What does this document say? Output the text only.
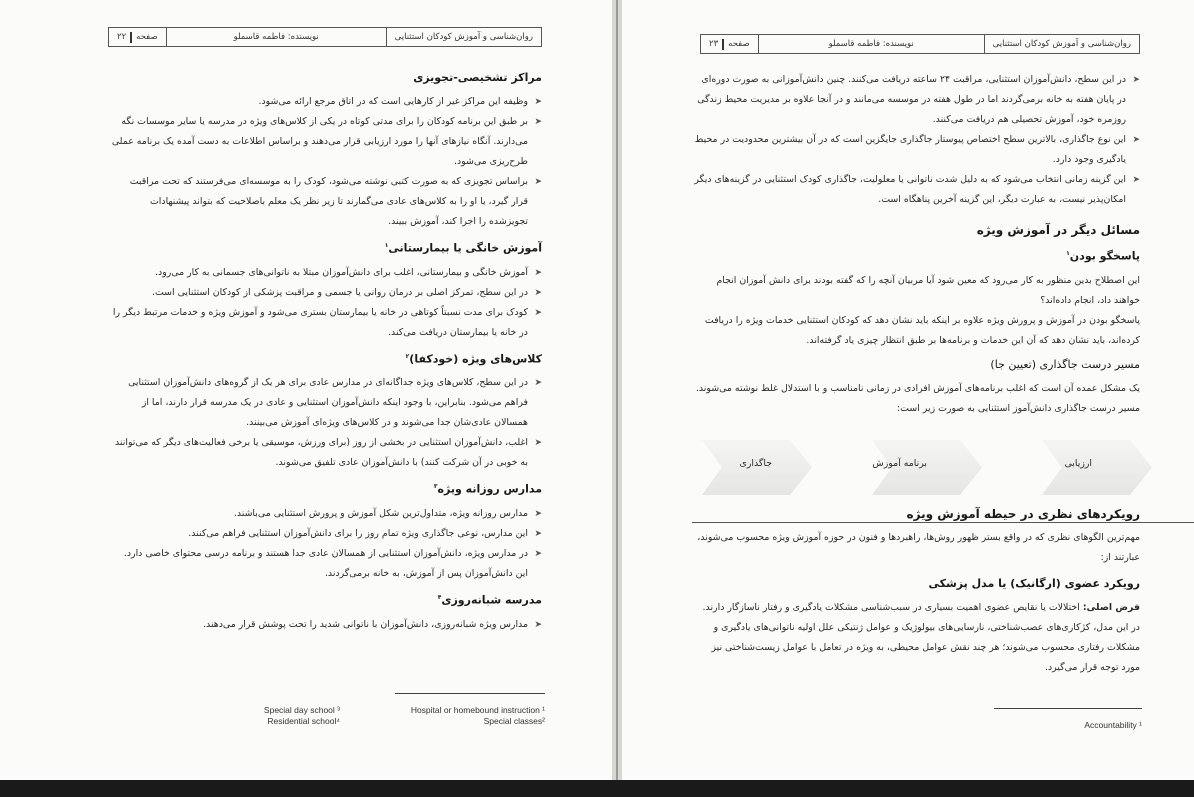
روان‌شناسی و آموزش کودکان استثنایی
نویسنده: فاطمه قاسملو
صفحه
۲۲
مراکز تشخیصی-تجویزی

➤ وظیفه این مراکز غیر از کارهایی است که در اتاق مرجع ارائه می‌شود.

➤ بر طبق این برنامه کودکان را برای مدتی کوتاه در یکی از کلاس‌های ویژه در مدرسه یا سایر موسسات نگه می‌دارند. آنگاه نیازهای آنها را مورد ارزیابی قرار می‌دهند و براساس اطلاعات به دست آمده یک برنامه عملی طرح‌ریزی می‌شود.

➤ براساس تجویزی که به صورت کتبی نوشته می‌شود، کودک را به موسسه‌ای می‌فرستند که تحت مراقبت قرار گیرد، یا او را به کلاس‌های عادی می‌گمارند تا زیر نظر یک معلم باصلاحیت که بتواند پیشنهادات تجویزشده را اجرا کند، آموزش ببیند.

آموزش خانگی یا بیمارستانی$^۱$

➤ آموزش خانگی و بیمارستانی، اغلب برای دانش‌آموزان مبتلا به ناتوانی‌های جسمانی به کار می‌رود.

➤ در این سطح، تمرکز اصلی بر درمان روانی یا جسمی و مراقبت پزشکی از کودکان استثنایی است.

➤ کودک برای مدت نسبتاً کوتاهی در خانه یا بیمارستان بستری می‌شود و آموزش ویژه و خدمات مرتبط دیگر را در خانه یا بیمارستان دریافت می‌کند.

کلاس‌های ویژه (خودکفا)$^۲$

➤ در این سطح، کلاس‌های ویژه جداگانه‌ای در مدارس عادی برای هر یک از گروه‌های دانش‌آموزان استثنایی فراهم می‌شود. بنابراین، با وجود اینکه دانش‌آموزان استثنایی و عادی در یک مدرسه قرار دارند، اما از همسالان عادی‌شان جدا می‌شوند و در کلاس‌های ویژه‌ای آموزش می‌بینند.

➤ اغلب، دانش‌آموزان استثنایی در بخشی از روز (برای ورزش، موسیقی یا برخی فعالیت‌های دیگر که می‌توانند به خوبی در آن شرکت کنند) با دانش‌آموزان عادی تلفیق می‌شوند.

مدارس روزانه ویژه$^۳$

➤ مدارس روزانه ویژه، متداول‌ترین شکل آموزش و پرورش استثنایی می‌باشند.

➤ این مدارس، نوعی جاگذاری ویژه تمام روز را برای دانش‌آموزان استثنایی فراهم می‌کنند.

➤ در مدارس ویژه، دانش‌آموزان استثنایی از همسالان عادی جدا هستند و برنامه درسی محتوای خاصی دارد. این دانش‌آموزان پس از آموزش، به خانه برمی‌گردند.

مدرسه شبانه‌روزی$^۴$

➤ مدارس ویژه شبانه‌روزی، دانش‌آموزان با ناتوانی شدید را تحت پوشش قرار می‌دهند.

Hospital or homebound instruction ¹
Special classes²
Special day school ³
Residential school⁴
روان‌شناسی و آموزش کودکان استثنایی
نویسنده: فاطمه قاسملو
صفحه
۲۳

➤ در این سطح، دانش‌آموزان استثنایی، مراقبت ۲۴ ساعته دریافت می‌کنند. چنین دانش‌آموزانی به صورت دوره‌ای در پایان هفته به خانه برمی‌گردند اما در طول هفته در موسسه می‌مانند و در آنجا علاوه بر مدیریت محیط زندگی روزمره خود، آموزش تحصیلی هم دریافت می‌کنند.

➤ این نوع جاگذاری، بالاترین سطح اختصاص پیوستار جاگذاری جایگزین است که در آن بیشترین محدودیت در محیط یادگیری وجود دارد.

➤ این گزینه زمانی انتخاب می‌شود که به دلیل شدت ناتوانی یا معلولیت، جاگذاری کودک استثنایی در گزینه‌های دیگر امکان‌پذیر نیست، به عبارت دیگر، این گزینه آخرین پناهگاه است.

مسائل دیگر در آموزش ویژه
پاسخگو بودن$^۱$

این اصطلاح بدین منظور به کار می‌رود که معین شود آیا مربیان آنچه را که گفته بودند برای دانش آموزان انجام خواهند داد، انجام داده‌اند؟

پاسخگو بودن در آموزش و پرورش ویژه علاوه بر اینکه باید نشان دهد که کودکان استثنایی خدمات ویژه را دریافت کرده‌اند، باید نشان دهد که آن این خدمات و برنامه‌ها بر طبق انتظار چیزی یاد گرفته‌اند.

مسیر درست جاگذاری (تعیین جا)

یک مشکل عمده آن است که اغلب برنامه‌های آموزش افرادی در زمانی نامناسب و با استدلال غلط نوشته می‌شوند. مسیر درست جاگذاری دانش‌آموز استثنایی به صورت زیر است:

ارزیابی
برنامه آموزش
جاگذاری
رویکردهای نظری در حیطه آموزش ویژه

مهم‌ترین الگوهای نظری که در واقع بستر ظهور روش‌ها، راهبردها و فنون در حوزه آموزش ویژه محسوب می‌شوند، عبارتند از:

رویکرد عضوی (ارگانیک) یا مدل پزشکی

فرض اصلی: اختلالات یا نقایص عضوی اهمیت بسیاری در سبب‌شناسی مشکلات یادگیری و رفتار ناسازگار دارند.

در این مدل، کژکاری‌های عصب‌شناختی، نارسایی‌های بیولوژیک و عوامل ژنتیکی علل اولیه ناتوانی‌های یادگیری و مشکلات رفتاری محسوب می‌شوند؛ هر چند نقش عوامل محیطی، به ویژه در تعامل با عوامل زیست‌شناختی نیز مورد توجه قرار می‌گیرد.

Accountability ¹
